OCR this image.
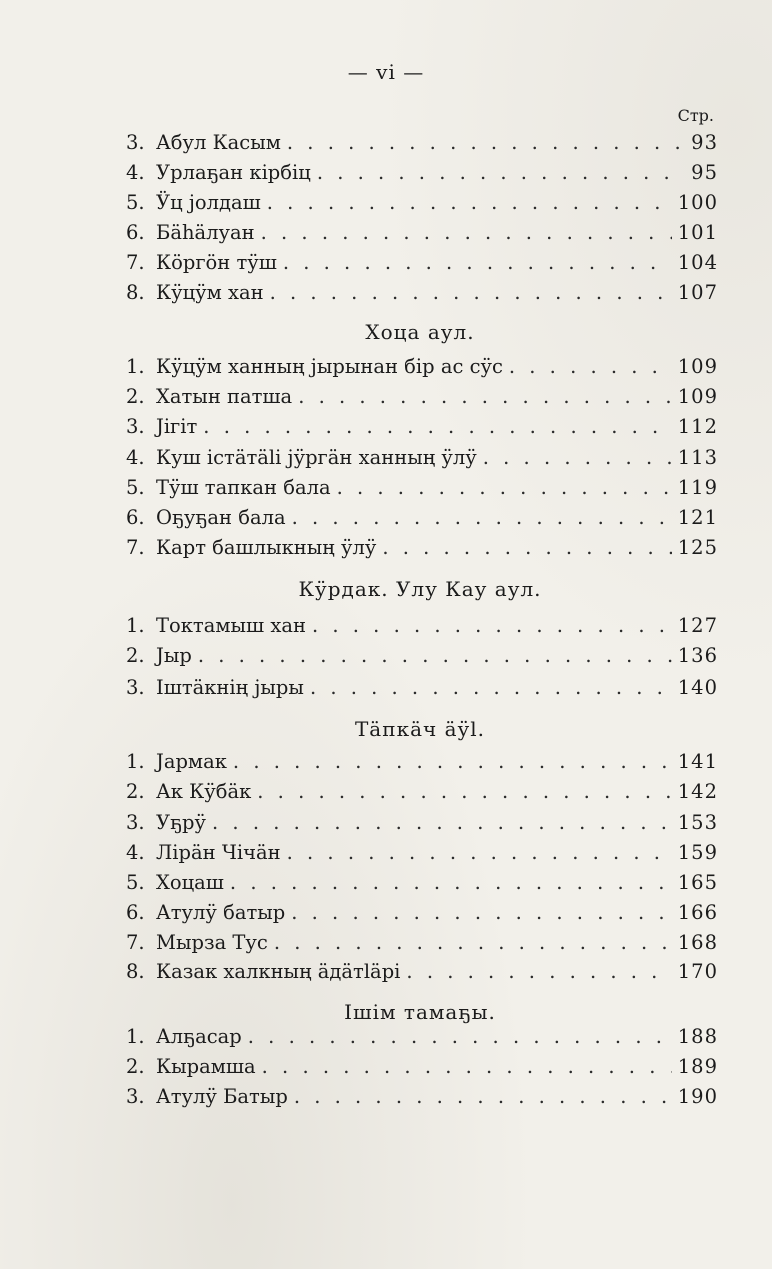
— vi —
Стр.
3. Абул Касым . . .	93
4. Урлаҕан кірбіц . . .	95
5. Ӱц јолдаш . . .	100
6. Бäһäлуан . . .	101
7. Кöргöн тӱш . . .	104
8. Кӱцӱм хан . . .	107
Хоца аул.
1. Кӱцӱм ханның јырынан бір ас сӱс . . .	109
2. Хатын патша . . .	109
3. Jігіт . . .	112
4. Куш істäтälі јӱргäн ханның ӱлӱ . . .	113
5. Тӱш тапкан бала . . .	119
6. Оҕуҕан бала . . .	121
7. Карт башлыкның ӱлӱ . . .	125
Кӱрдак. Улу Кау аул.
1. Токтамыш хан . . .	127
2. Јыр . . .	136
3. Іштäкнің јыры . . .	140
Тäпкäч äӱl.
1. Јармак . . .	141
2. Ак Кӱбäк . . .	142
3. Уҕрӱ . . .	153
4. Лірäн Чічäн . . .	159
5. Хоцаш . . .	165
6. Атулӱ батыр . . .	166
7. Мырза Тус . . .	168
8. Казак халкның äдäтläрі . . .	170
Ішім тамаҕы.
1. Алҕасар . . .	188
2. Кырамша . . .	189
3. Атулӱ Батыр . . .	190
